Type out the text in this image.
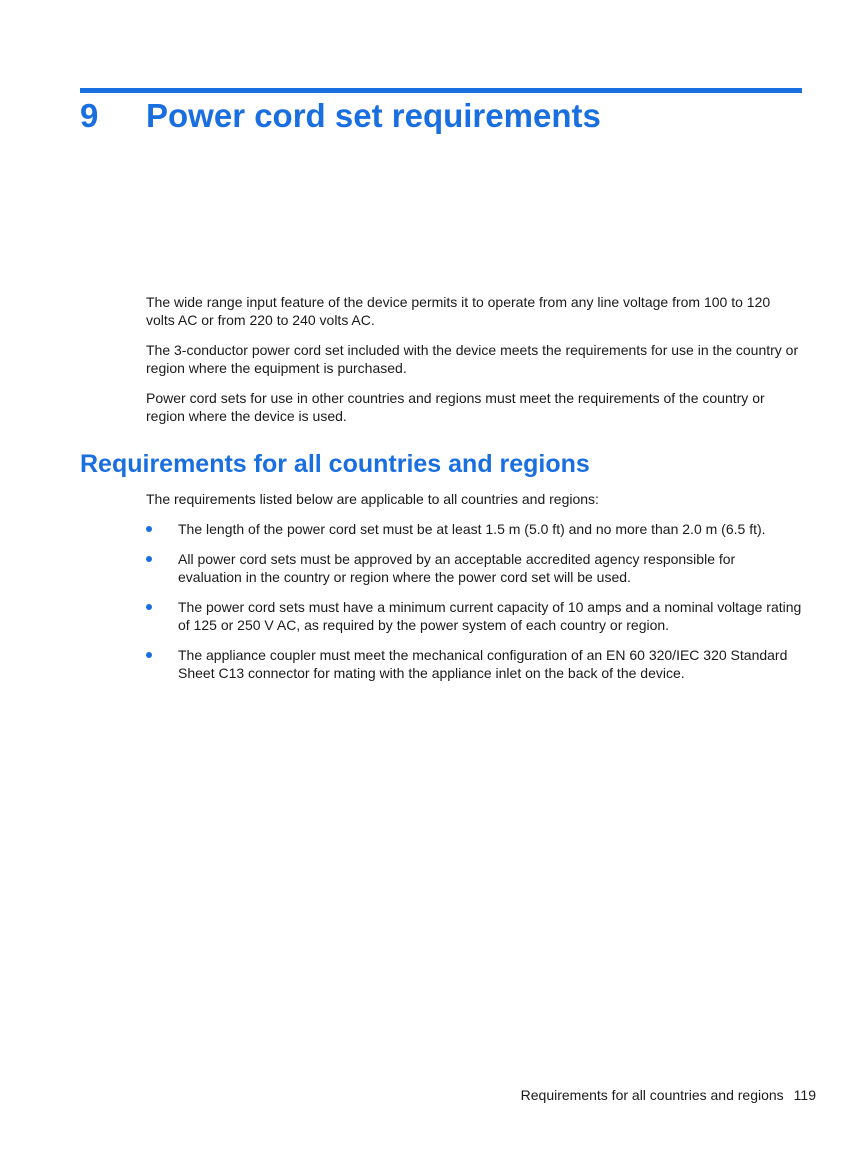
9 Power cord set requirements

The wide range input feature of the device permits it to operate from any line voltage from 100 to 120 volts AC or from 220 to 240 volts AC.

The 3-conductor power cord set included with the device meets the requirements for use in the country or region where the equipment is purchased.

Power cord sets for use in other countries and regions must meet the requirements of the country or region where the device is used.

Requirements for all countries and regions

The requirements listed below are applicable to all countries and regions:

The length of the power cord set must be at least 1.5 m (5.0 ft) and no more than 2.0 m (6.5 ft).
All power cord sets must be approved by an acceptable accredited agency responsible for evaluation in the country or region where the power cord set will be used.
The power cord sets must have a minimum current capacity of 10 amps and a nominal voltage rating of 125 or 250 V AC, as required by the power system of each country or region.
The appliance coupler must meet the mechanical configuration of an EN 60 320/IEC 320 Standard Sheet C13 connector for mating with the appliance inlet on the back of the device.
Requirements for all countries and regions 119
